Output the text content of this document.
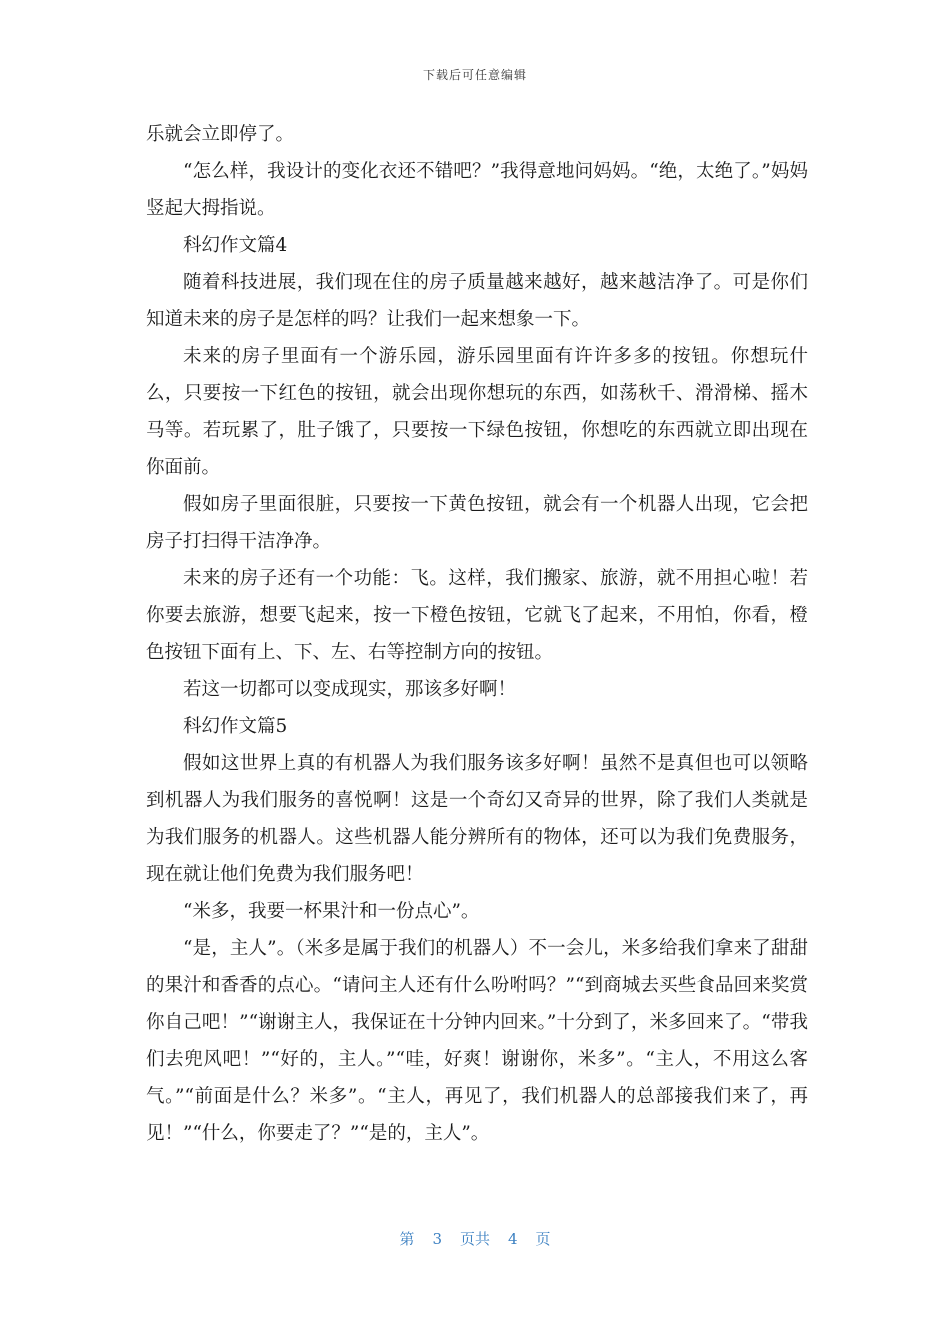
下载后可任意编辑

乐就会立即停了。

“怎么样，我设计的变化衣还不错吧？”我得意地问妈妈。“绝，太绝了。”妈妈竖起大拇指说。

科幻作文篇4

随着科技进展，我们现在住的房子质量越来越好，越来越洁净了。可是你们知道未来的房子是怎样的吗？让我们一起来想象一下。

未来的房子里面有一个游乐园，游乐园里面有许许多多的按钮。你想玩什么，只要按一下红色的按钮，就会出现你想玩的东西，如荡秋千、滑滑梯、摇木马等。若玩累了，肚子饿了，只要按一下绿色按钮，你想吃的东西就立即出现在你面前。

假如房子里面很脏，只要按一下黄色按钮，就会有一个机器人出现，它会把房子打扫得干洁净净。

未来的房子还有一个功能：飞。这样，我们搬家、旅游，就不用担心啦！若你要去旅游，想要飞起来，按一下橙色按钮，它就飞了起来，不用怕，你看，橙色按钮下面有上、下、左、右等控制方向的按钮。

若这一切都可以变成现实，那该多好啊！

科幻作文篇5

假如这世界上真的有机器人为我们服务该多好啊！虽然不是真但也可以领略到机器人为我们服务的喜悦啊！这是一个奇幻又奇异的世界，除了我们人类就是为我们服务的机器人。这些机器人能分辨所有的物体，还可以为我们免费服务，现在就让他们免费为我们服务吧！

“米多，我要一杯果汁和一份点心”。

“是，主人”。（米多是属于我们的机器人）不一会儿，米多给我们拿来了甜甜的果汁和香香的点心。“请问主人还有什么吩咐吗？”“到商城去买些食品回来奖赏你自己吧！”“谢谢主人，我保证在十分钟内回来。”十分到了，米多回来了。“带我们去兜风吧！”“好的，主人。”“哇，好爽！谢谢你，米多”。“主人，不用这么客气。”“前面是什么？米多”。“主人，再见了，我们机器人的总部接我们来了，再见！”“什么，你要走了？”“是的，主人”。

第 3 页共 4 页
